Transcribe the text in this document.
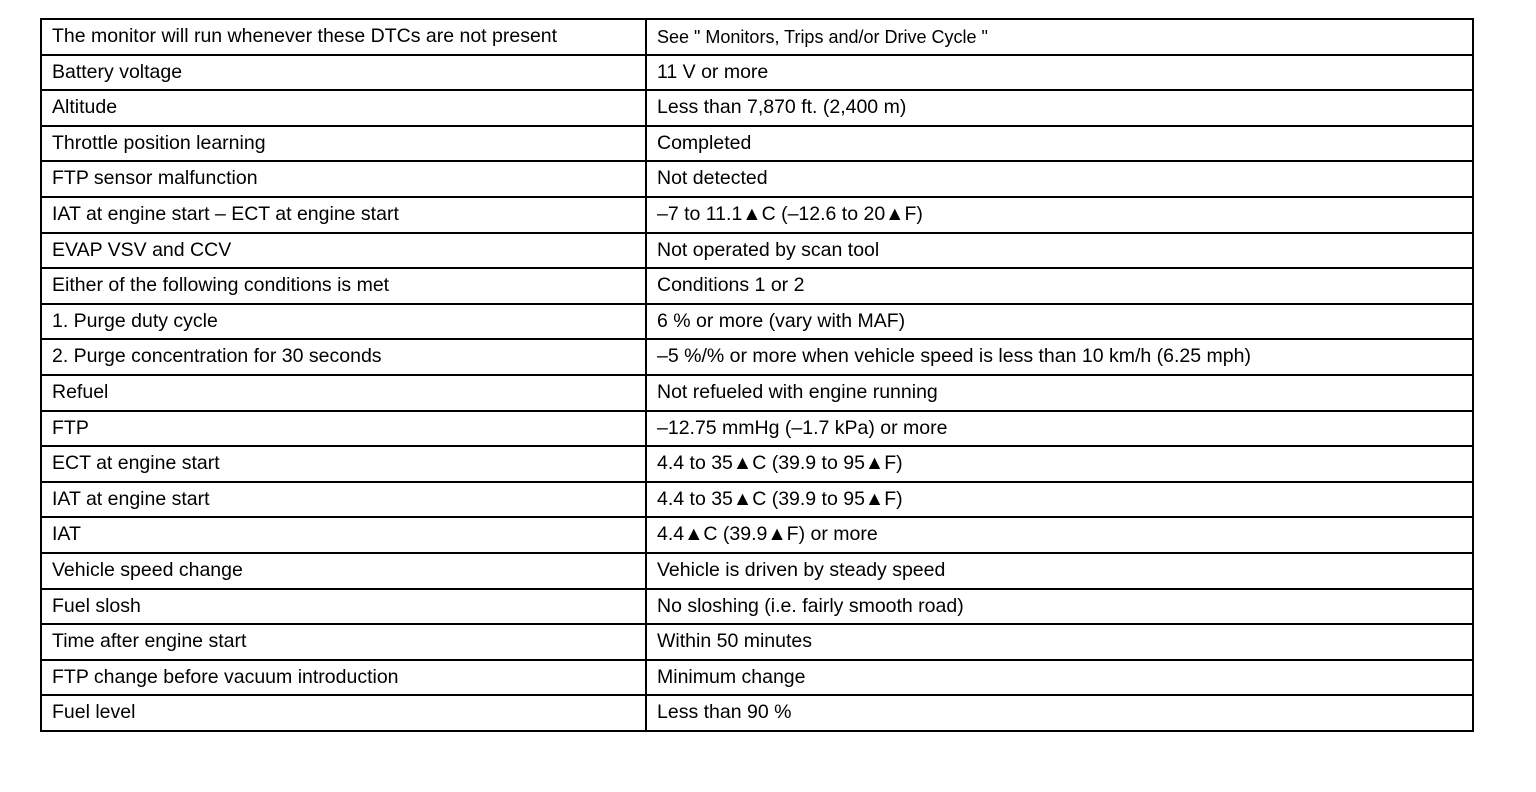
The monitor will run whenever these DTCs are not present	See " Monitors, Trips and/or Drive Cycle "
Battery voltage	11 V or more
Altitude	Less than 7,870 ft. (2,400 m)
Throttle position learning	Completed
FTP sensor malfunction	Not detected
IAT at engine start – ECT at engine start	–7 to 11.1▲C (–12.6 to 20▲F)
EVAP VSV and CCV	Not operated by scan tool
Either of the following conditions is met	Conditions 1 or 2
1. Purge duty cycle	6 % or more (vary with MAF)
2. Purge concentration for 30 seconds	–5 %/% or more when vehicle speed is less than 10 km/h (6.25 mph)
Refuel	Not refueled with engine running
FTP	–12.75 mmHg (–1.7 kPa) or more
ECT at engine start	4.4 to 35▲C (39.9 to 95▲F)
IAT at engine start	4.4 to 35▲C (39.9 to 95▲F)
IAT	4.4▲C (39.9▲F) or more
Vehicle speed change	Vehicle is driven by steady speed
Fuel slosh	No sloshing (i.e. fairly smooth road)
Time after engine start	Within 50 minutes
FTP change before vacuum introduction	Minimum change
Fuel level	Less than 90 %
